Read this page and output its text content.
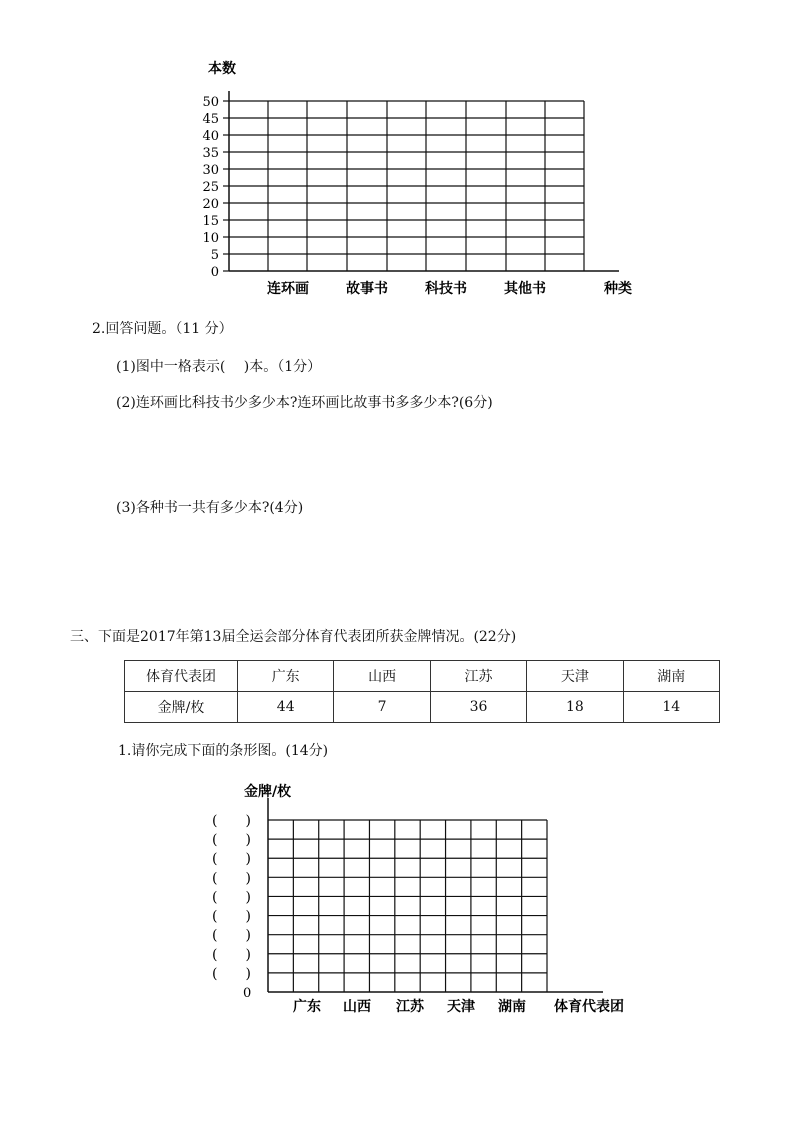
本数
50
45
40
35
30
25
20
15
10
5
0
连环画	故事书	科技书	其他书	种类
2.回答问题。（11 分）
(1)图中一格表示(　 )本。（1分）
(2)连环画比科技书少多少本?连环画比故事书多多少本?(6分)
(3)各种书一共有多少本?(4分)
三、下面是2017年第13届全运会部分体育代表团所获金牌情况。(22分)
体育代表团	广东	山西	江苏	天津	湖南
金牌/枚	44	7	36	18	14
1.请你完成下面的条形图。(14分)
金牌/枚
(　　)
(　　)
(　　)
(　　)
(　　)
(　　)
(　　)
(　　)
(　　)
0
广东 山西 江苏 天津 湖南 体育代表团
